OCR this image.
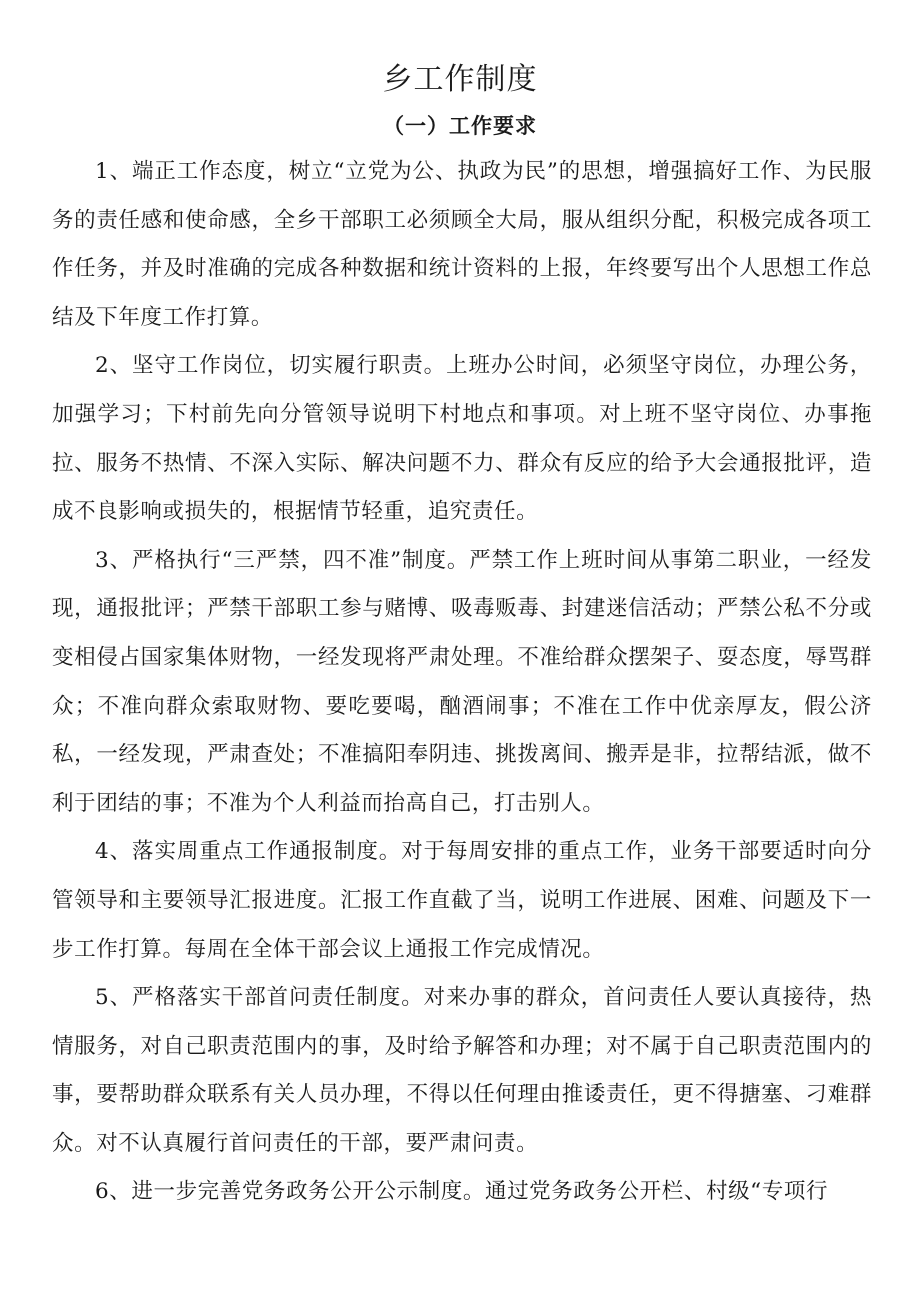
乡工作制度
（一）工作要求

1、端正工作态度，树立“立党为公、执政为民”的思想，增强搞好工作、为民服务的责任感和使命感，全乡干部职工必须顾全大局，服从组织分配，积极完成各项工作任务，并及时准确的完成各种数据和统计资料的上报，年终要写出个人思想工作总结及下年度工作打算。

2、坚守工作岗位，切实履行职责。上班办公时间，必须坚守岗位，办理公务，加强学习；下村前先向分管领导说明下村地点和事项。对上班不坚守岗位、办事拖拉、服务不热情、不深入实际、解决问题不力、群众有反应的给予大会通报批评，造成不良影响或损失的，根据情节轻重，追究责任。

3、严格执行“三严禁，四不准”制度。严禁工作上班时间从事第二职业，一经发现，通报批评；严禁干部职工参与赌博、吸毒贩毒、封建迷信活动；严禁公私不分或变相侵占国家集体财物，一经发现将严肃处理。不准给群众摆架子、耍态度，辱骂群众；不准向群众索取财物、要吃要喝，酗酒闹事；不准在工作中优亲厚友，假公济私，一经发现，严肃查处；不准搞阳奉阴违、挑拨离间、搬弄是非，拉帮结派，做不利于团结的事；不准为个人利益而抬高自己，打击别人。

4、落实周重点工作通报制度。对于每周安排的重点工作，业务干部要适时向分管领导和主要领导汇报进度。汇报工作直截了当，说明工作进展、困难、问题及下一步工作打算。每周在全体干部会议上通报工作完成情况。

5、严格落实干部首问责任制度。对来办事的群众，首问责任人要认真接待，热情服务，对自己职责范围内的事，及时给予解答和办理；对不属于自己职责范围内的事，要帮助群众联系有关人员办理，不得以任何理由推诿责任，更不得搪塞、刁难群众。对不认真履行首问责任的干部，要严肃问责。

6、进一步完善党务政务公开公示制度。通过党务政务公开栏、村级“专项行
